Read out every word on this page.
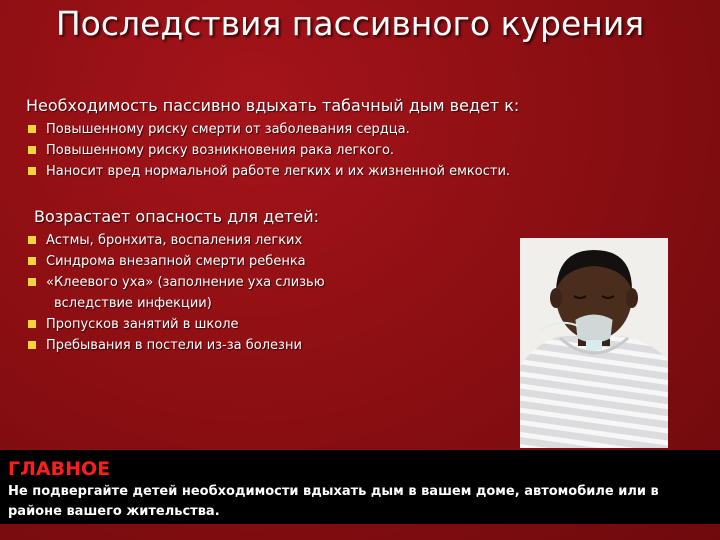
Последствия пассивного курения
Необходимость пассивно вдыхать табачный дым ведет к:
Повышенному риску смерти от заболевания сердца.
Повышенному риску возникновения рака легкого.
Наносит вред нормальной работе легких и их жизненной емкости.
Возрастает опасность для детей:
Астмы, бронхита, воспаления легких
Синдрома внезапной смерти ребенка
«Клеевого уха» (заполнение уха слизью
вследствие инфекции)
Пропусков занятий в школе
Пребывания в постели из-за болезни
ГЛАВНОЕ
Не подвергайте детей необходимости вдыхать дым в вашем доме, автомобиле или в районе вашего жительства.
